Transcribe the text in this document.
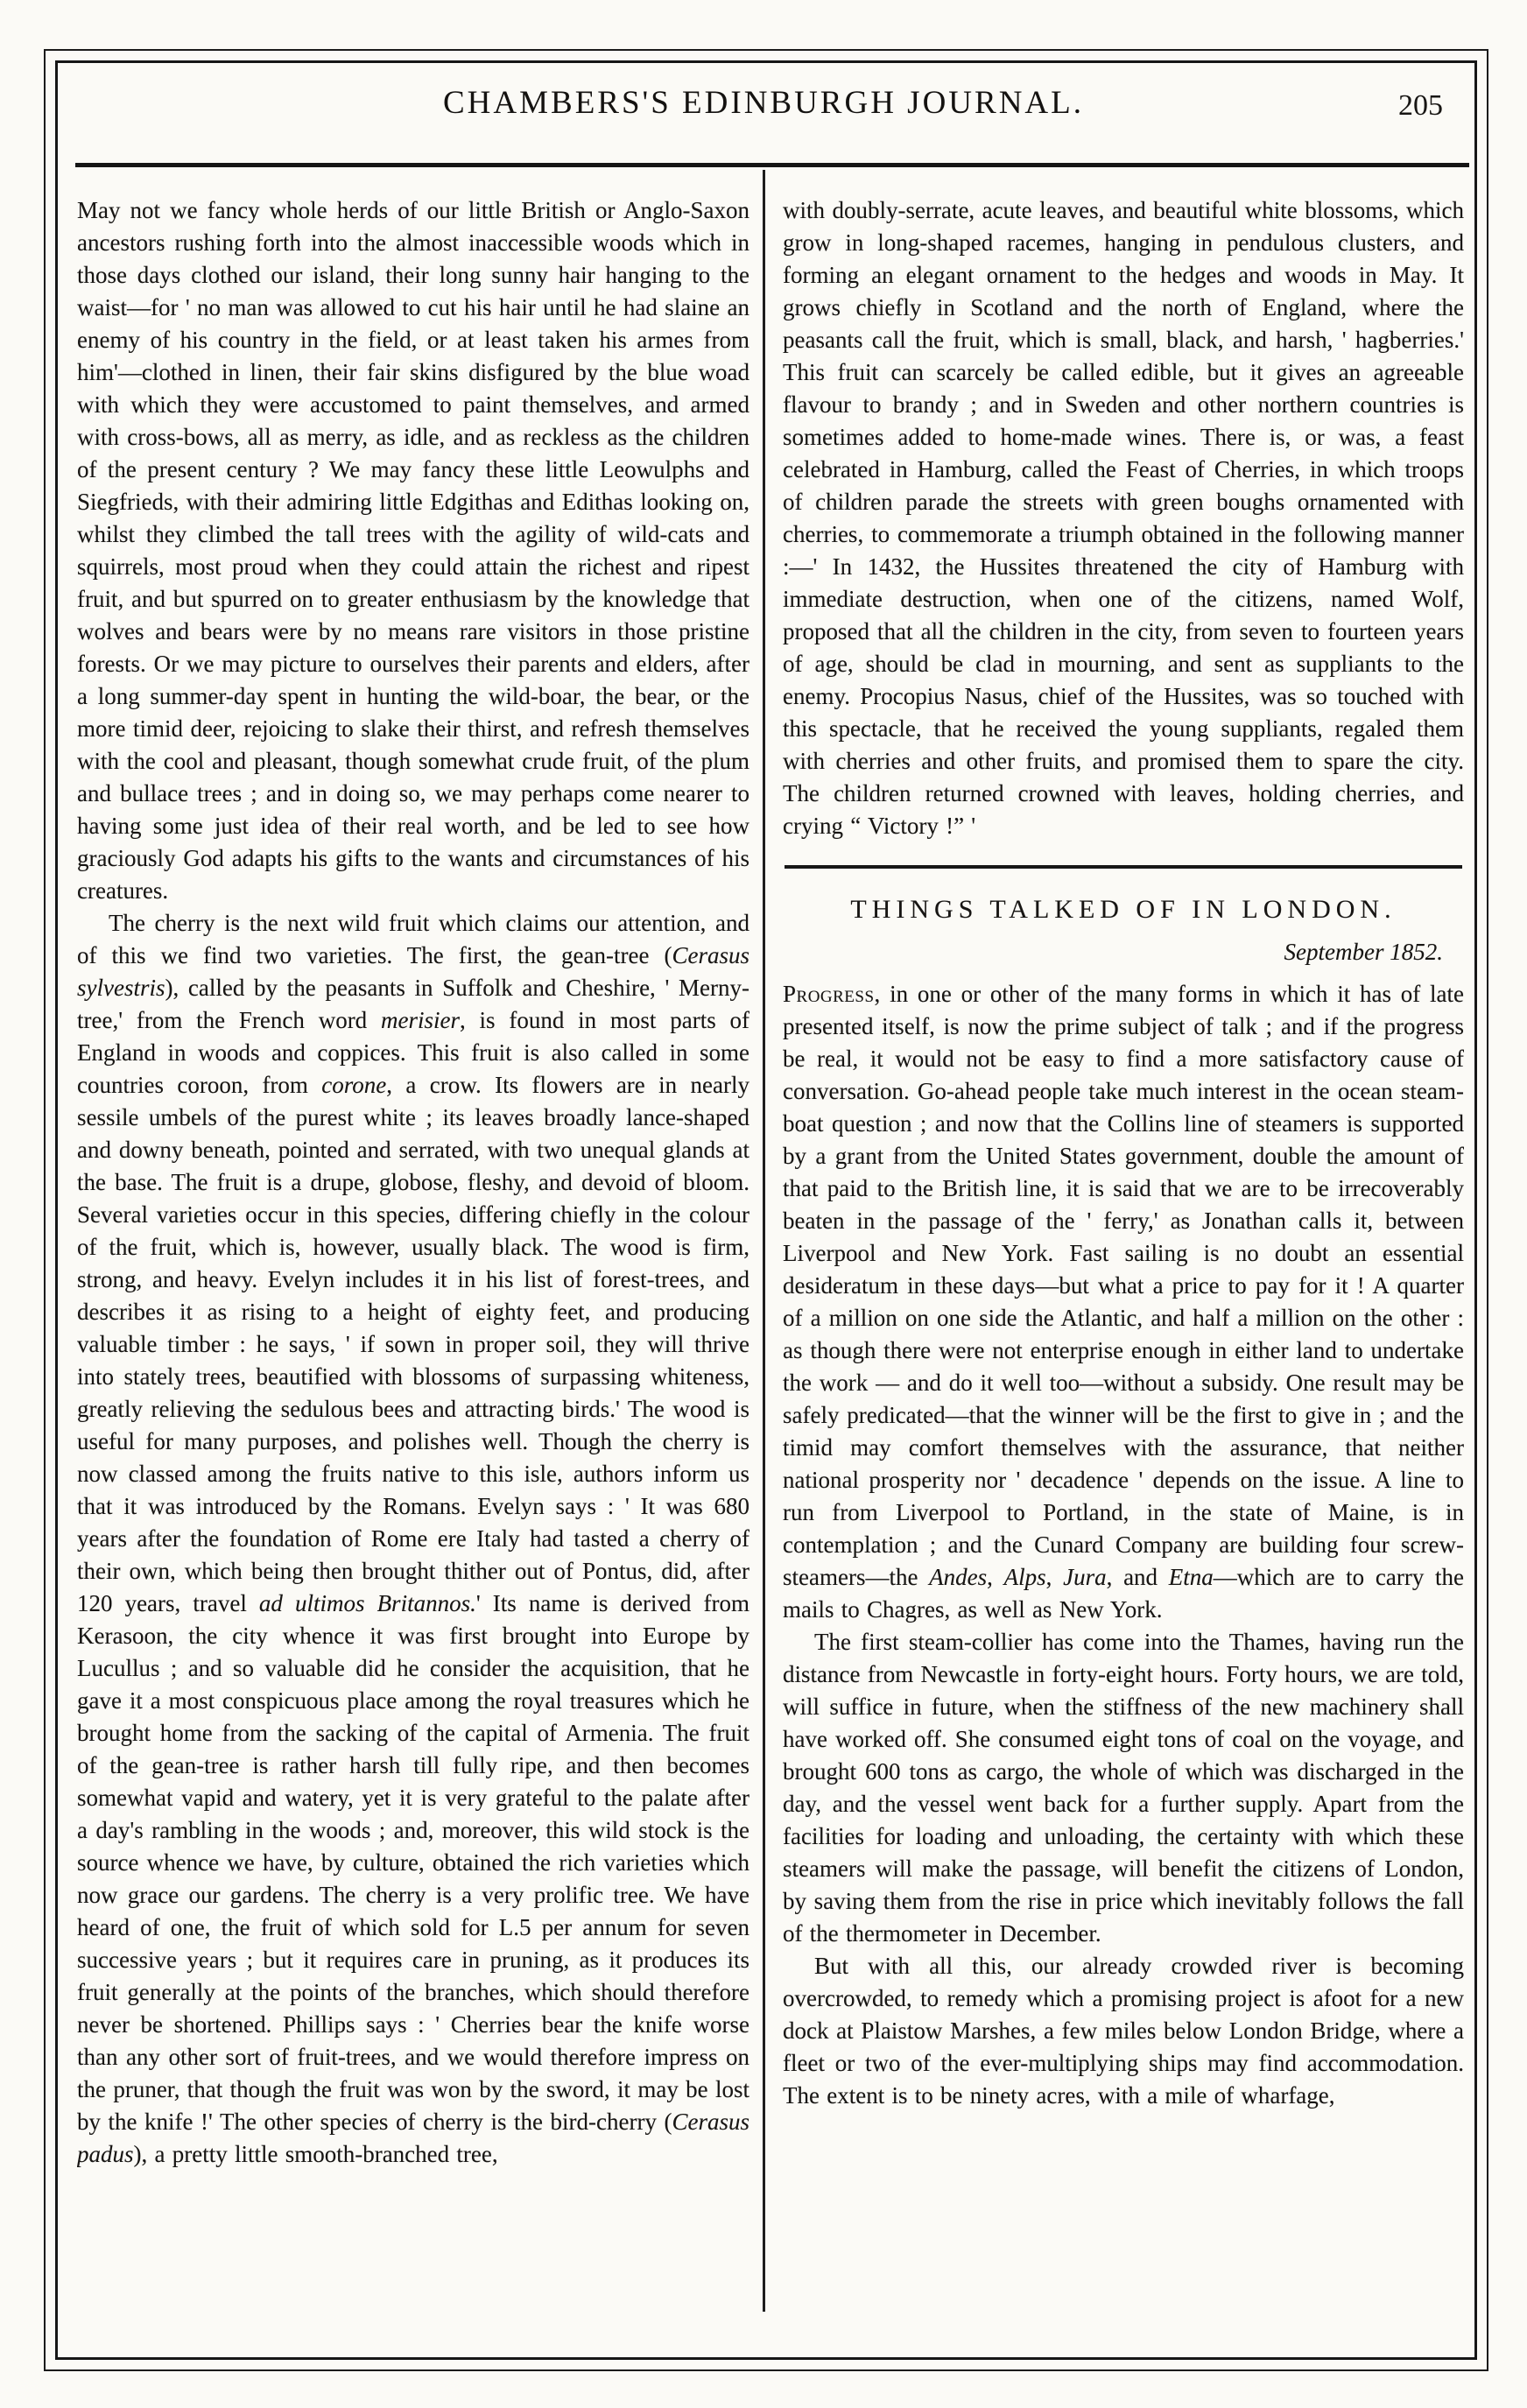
CHAMBERS'S EDINBURGH JOURNAL.	205

May not we fancy whole herds of our little British or Anglo-Saxon ancestors rushing forth into the almost inaccessible woods which in those days clothed our island, their long sunny hair hanging to the waist—for ' no man was allowed to cut his hair until he had slaine an enemy of his country in the field, or at least taken his armes from him'—clothed in linen, their fair skins disfigured by the blue woad with which they were accustomed to paint themselves, and armed with cross-bows, all as merry, as idle, and as reckless as the children of the present century ? We may fancy these little Leowulphs and Siegfrieds, with their admiring little Edgithas and Edithas looking on, whilst they climbed the tall trees with the agility of wild-cats and squirrels, most proud when they could attain the richest and ripest fruit, and but spurred on to greater enthusiasm by the knowledge that wolves and bears were by no means rare visitors in those pristine forests. Or we may picture to ourselves their parents and elders, after a long summer-day spent in hunting the wild-boar, the bear, or the more timid deer, rejoicing to slake their thirst, and refresh themselves with the cool and pleasant, though somewhat crude fruit, of the plum and bullace trees ; and in doing so, we may perhaps come nearer to having some just idea of their real worth, and be led to see how graciously God adapts his gifts to the wants and circumstances of his creatures.

The cherry is the next wild fruit which claims our attention, and of this we find two varieties. The first, the gean-tree (Cerasus sylvestris), called by the peasants in Suffolk and Cheshire, ' Merny-tree,' from the French word merisier, is found in most parts of England in woods and coppices. This fruit is also called in some countries coroon, from corone, a crow. Its flowers are in nearly sessile umbels of the purest white ; its leaves broadly lance-shaped and downy beneath, pointed and serrated, with two unequal glands at the base. The fruit is a drupe, globose, fleshy, and devoid of bloom. Several varieties occur in this species, differing chiefly in the colour of the fruit, which is, however, usually black. The wood is firm, strong, and heavy. Evelyn includes it in his list of forest-trees, and describes it as rising to a height of eighty feet, and producing valuable timber : he says, ' if sown in proper soil, they will thrive into stately trees, beautified with blossoms of surpassing whiteness, greatly relieving the sedulous bees and attracting birds.' The wood is useful for many purposes, and polishes well. Though the cherry is now classed among the fruits native to this isle, authors inform us that it was introduced by the Romans. Evelyn says : ' It was 680 years after the foundation of Rome ere Italy had tasted a cherry of their own, which being then brought thither out of Pontus, did, after 120 years, travel ad ultimos Britannos.' Its name is derived from Kerasoon, the city whence it was first brought into Europe by Lucullus ; and so valuable did he consider the acquisition, that he gave it a most conspicuous place among the royal treasures which he brought home from the sacking of the capital of Armenia. The fruit of the gean-tree is rather harsh till fully ripe, and then becomes somewhat vapid and watery, yet it is very grateful to the palate after a day's rambling in the woods ; and, moreover, this wild stock is the source whence we have, by culture, obtained the rich varieties which now grace our gardens. The cherry is a very prolific tree. We have heard of one, the fruit of which sold for L.5 per annum for seven successive years ; but it requires care in pruning, as it produces its fruit generally at the points of the branches, which should therefore never be shortened. Phillips says : ' Cherries bear the knife worse than any other sort of fruit-trees, and we would therefore impress on the pruner, that though the fruit was won by the sword, it may be lost by the knife !' The other species of cherry is the bird-cherry (Cerasus padus), a pretty little smooth-branched tree,

with doubly-serrate, acute leaves, and beautiful white blossoms, which grow in long-shaped racemes, hanging in pendulous clusters, and forming an elegant ornament to the hedges and woods in May. It grows chiefly in Scotland and the north of England, where the peasants call the fruit, which is small, black, and harsh, ' hagberries.' This fruit can scarcely be called edible, but it gives an agreeable flavour to brandy ; and in Sweden and other northern countries is sometimes added to home-made wines. There is, or was, a feast celebrated in Hamburg, called the Feast of Cherries, in which troops of children parade the streets with green boughs ornamented with cherries, to commemorate a triumph obtained in the following manner :—' In 1432, the Hussites threatened the city of Hamburg with immediate destruction, when one of the citizens, named Wolf, proposed that all the children in the city, from seven to fourteen years of age, should be clad in mourning, and sent as suppliants to the enemy. Procopius Nasus, chief of the Hussites, was so touched with this spectacle, that he received the young suppliants, regaled them with cherries and other fruits, and promised them to spare the city. The children returned crowned with leaves, holding cherries, and crying “ Victory !” '

THINGS TALKED OF IN LONDON.
September 1852.

Progress, in one or other of the many forms in which it has of late presented itself, is now the prime subject of talk ; and if the progress be real, it would not be easy to find a more satisfactory cause of conversation. Go-ahead people take much interest in the ocean steam-boat question ; and now that the Collins line of steamers is supported by a grant from the United States government, double the amount of that paid to the British line, it is said that we are to be irrecoverably beaten in the passage of the ' ferry,' as Jonathan calls it, between Liverpool and New York. Fast sailing is no doubt an essential desideratum in these days—but what a price to pay for it ! A quarter of a million on one side the Atlantic, and half a million on the other : as though there were not enterprise enough in either land to undertake the work — and do it well too—without a subsidy. One result may be safely predicated—that the winner will be the first to give in ; and the timid may comfort themselves with the assurance, that neither national prosperity nor ' decadence ' depends on the issue. A line to run from Liverpool to Portland, in the state of Maine, is in contemplation ; and the Cunard Company are building four screw-steamers—the Andes, Alps, Jura, and Etna—which are to carry the mails to Chagres, as well as New York.

The first steam-collier has come into the Thames, having run the distance from Newcastle in forty-eight hours. Forty hours, we are told, will suffice in future, when the stiffness of the new machinery shall have worked off. She consumed eight tons of coal on the voyage, and brought 600 tons as cargo, the whole of which was discharged in the day, and the vessel went back for a further supply. Apart from the facilities for loading and unloading, the certainty with which these steamers will make the passage, will benefit the citizens of London, by saving them from the rise in price which inevitably follows the fall of the thermometer in December.

But with all this, our already crowded river is becoming overcrowded, to remedy which a promising project is afoot for a new dock at Plaistow Marshes, a few miles below London Bridge, where a fleet or two of the ever-multiplying ships may find accommodation. The extent is to be ninety acres, with a mile of wharfage,
